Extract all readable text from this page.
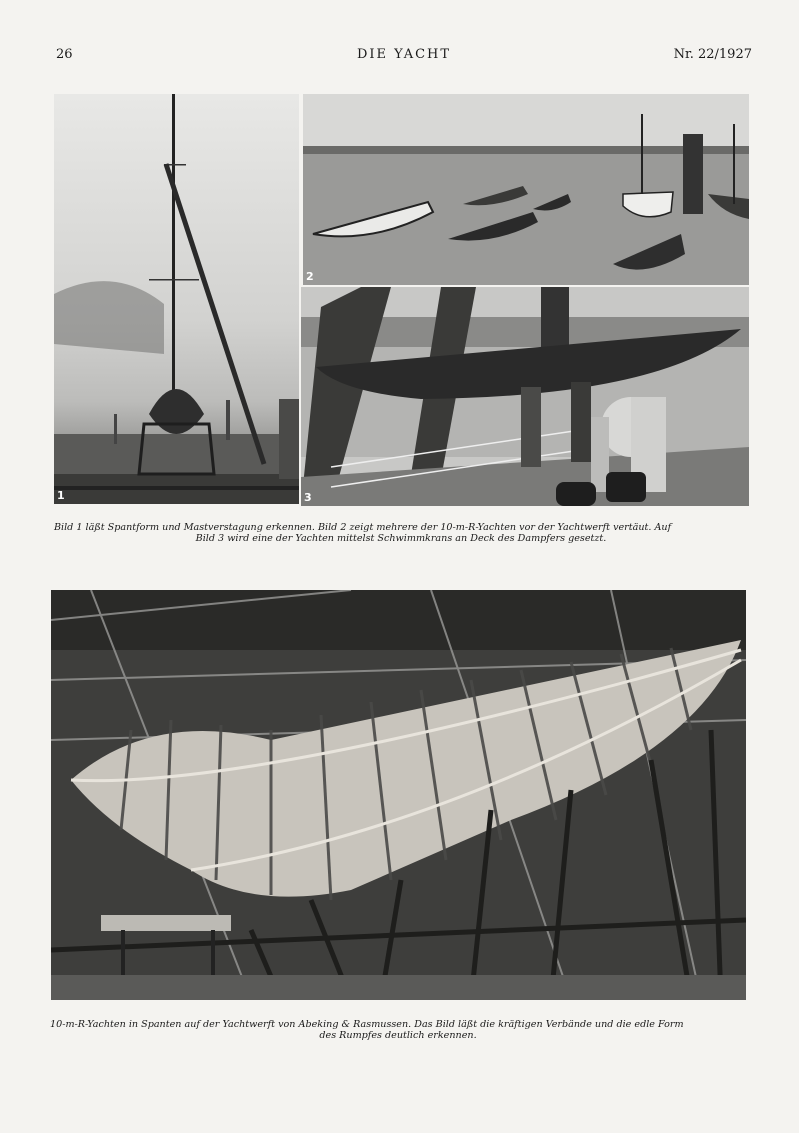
26	DIE YACHT	Nr. 22/1927
1
2
3
Bild 1 läßt Spantform und Mastverstagung erkennen. Bild 2 zeigt mehrere der 10-m-R-Yachten vor der Yachtwerft vertäut. Auf
Bild 3 wird eine der Yachten mittelst Schwimmkrans an Deck des Dampfers gesetzt.
10-m-R-Yachten in Spanten auf der Yachtwerft von Abeking & Rasmussen. Das Bild läßt die kräftigen Verbände und die edle Form
des Rumpfes deutlich erkennen.
